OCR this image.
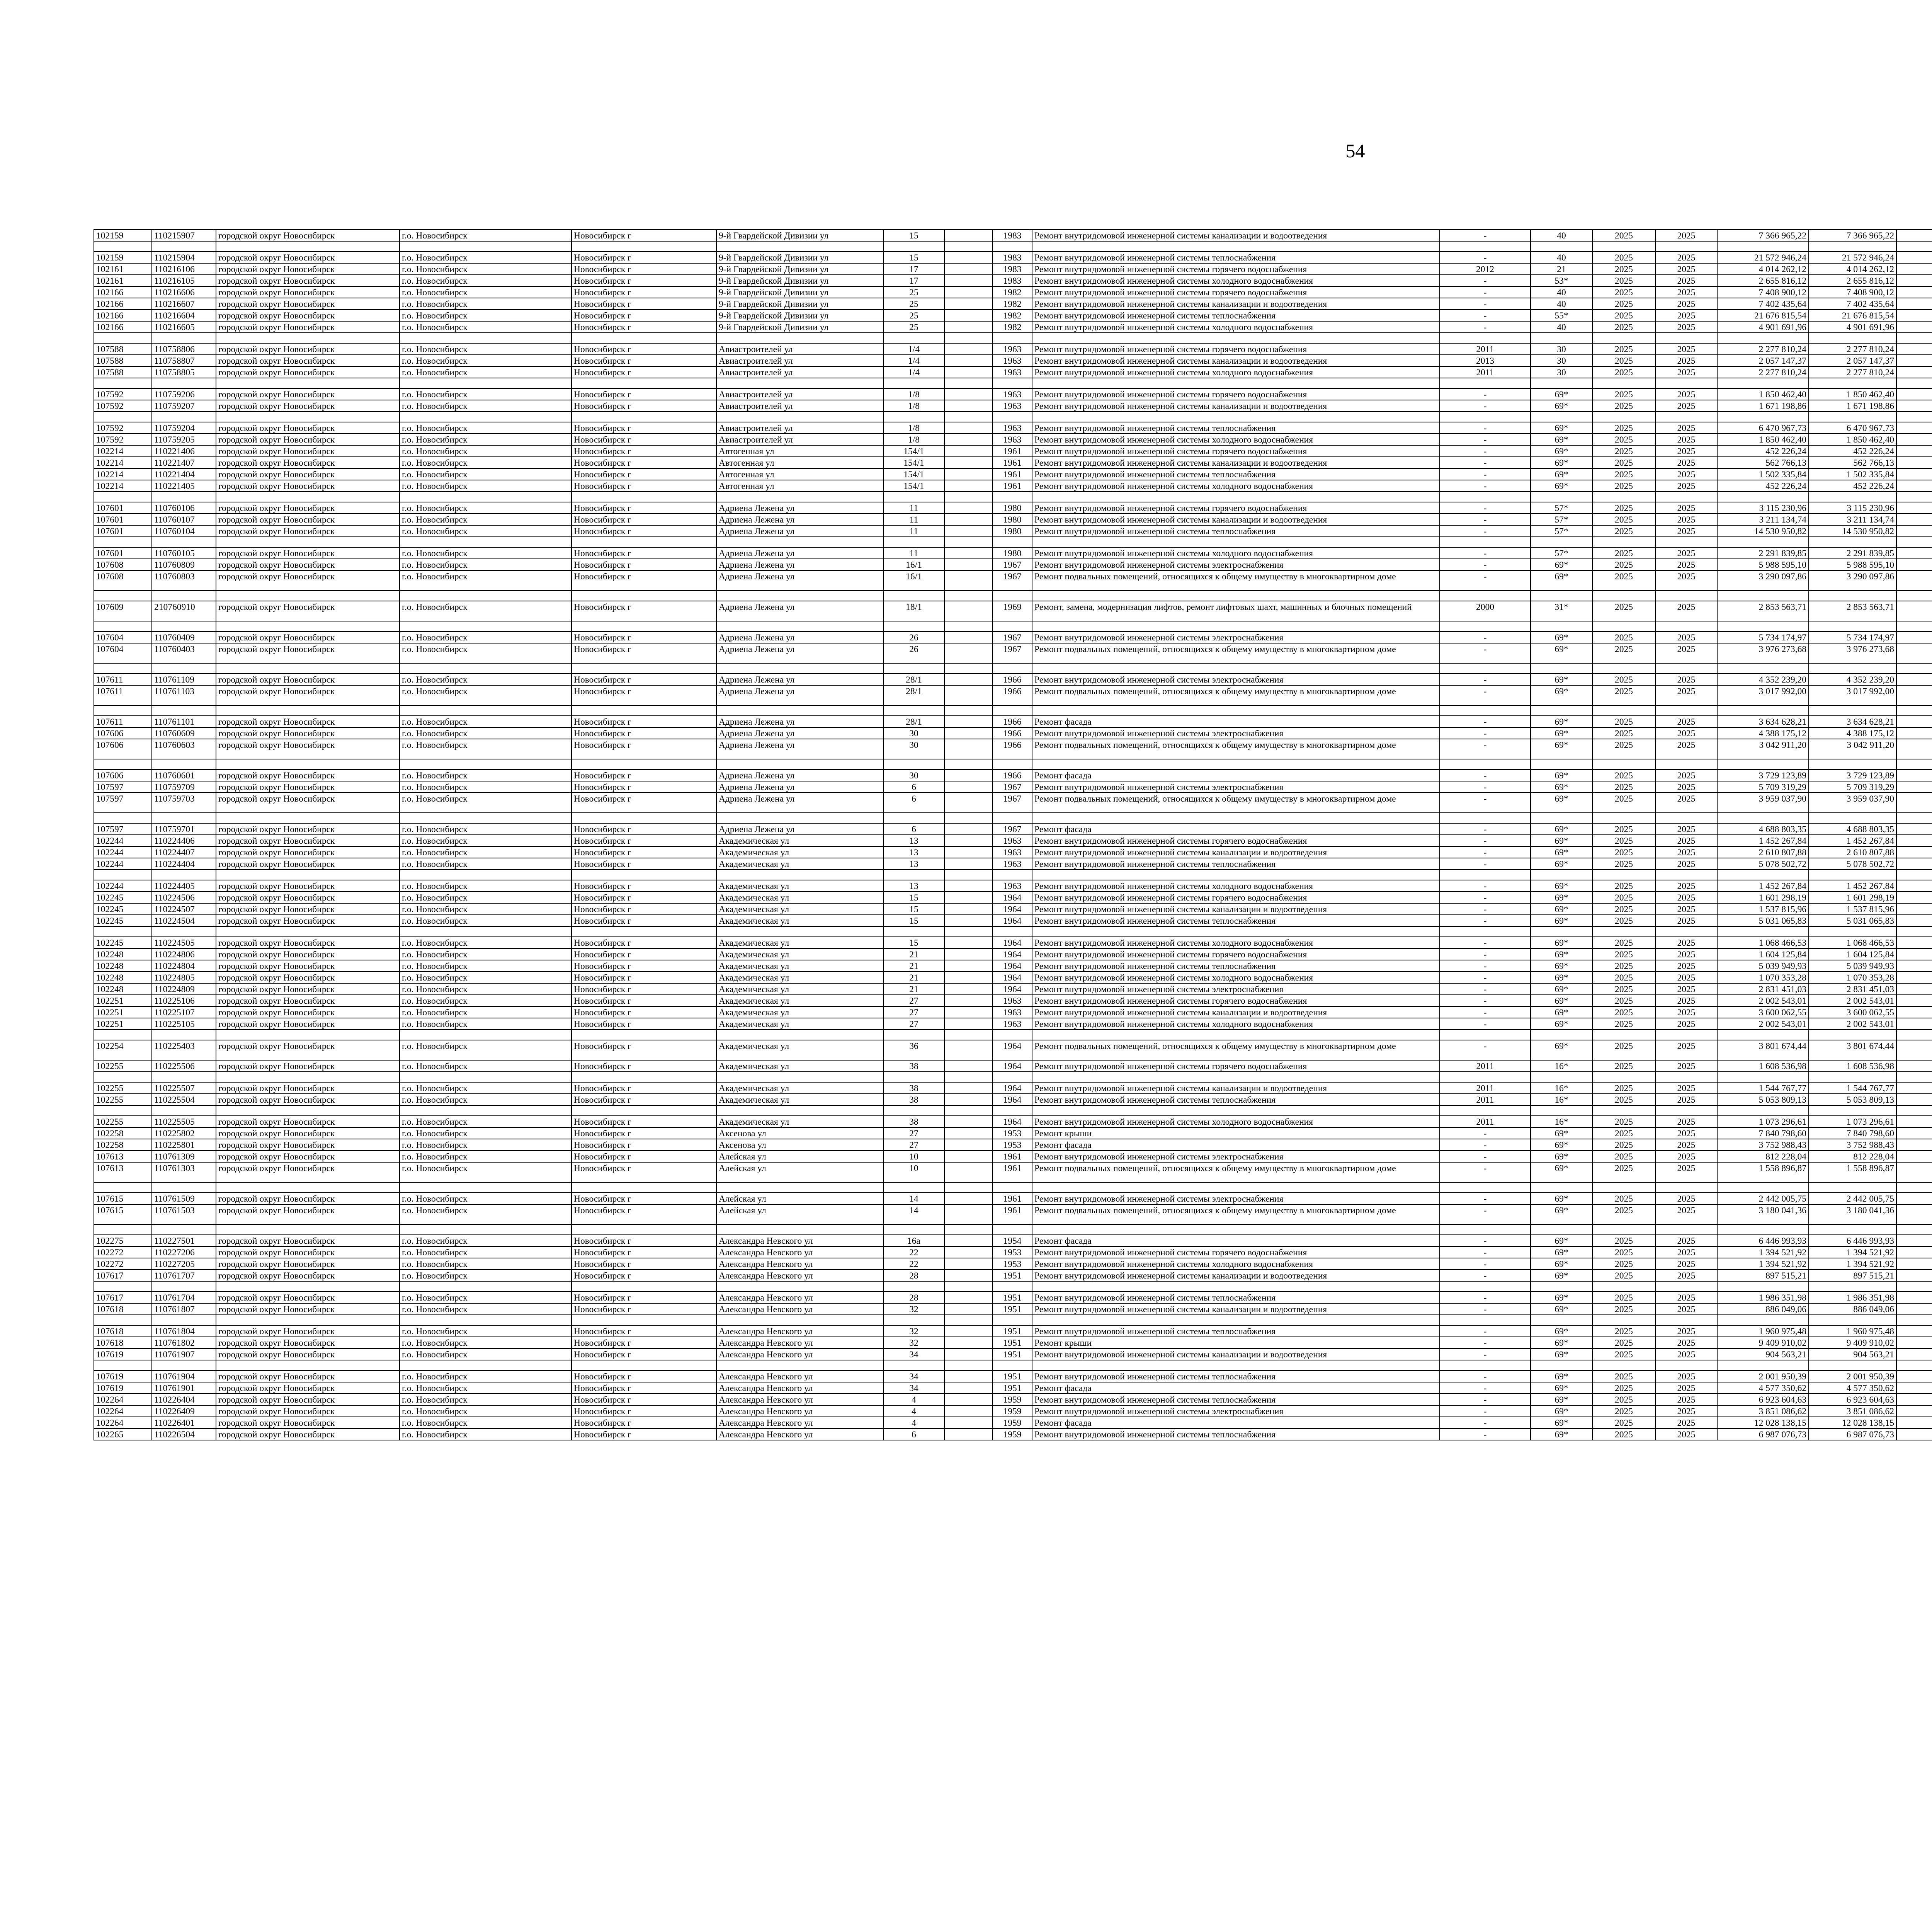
54
102159	110215907	городской округ Новосибирск	г.о. Новосибирск	Новосибирск г	9-й Гвардейской Дивизии ул	15		1983	Ремонт внутридомовой инженерной системы канализации и водоотведения	-	40	2025	2025	7 366 965,22	7 366 965,22						

102159	110215904	городской округ Новосибирск	г.о. Новосибирск	Новосибирск г	9-й Гвардейской Дивизии ул	15		1983	Ремонт внутридомовой инженерной системы теплоснабжения	-	40	2025	2025	21 572 946,24	21 572 946,24						
102161	110216106	городской округ Новосибирск	г.о. Новосибирск	Новосибирск г	9-й Гвардейской Дивизии ул	17		1983	Ремонт внутридомовой инженерной системы горячего водоснабжения	2012	21	2025	2025	4 014 262,12	4 014 262,12						
102161	110216105	городской округ Новосибирск	г.о. Новосибирск	Новосибирск г	9-й Гвардейской Дивизии ул	17		1983	Ремонт внутридомовой инженерной системы холодного водоснабжения	-	53*	2025	2025	2 655 816,12	2 655 816,12						
102166	110216606	городской округ Новосибирск	г.о. Новосибирск	Новосибирск г	9-й Гвардейской Дивизии ул	25		1982	Ремонт внутридомовой инженерной системы горячего водоснабжения	-	40	2025	2025	7 408 900,12	7 408 900,12						
102166	110216607	городской округ Новосибирск	г.о. Новосибирск	Новосибирск г	9-й Гвардейской Дивизии ул	25		1982	Ремонт внутридомовой инженерной системы канализации и водоотведения	-	40	2025	2025	7 402 435,64	7 402 435,64						
102166	110216604	городской округ Новосибирск	г.о. Новосибирск	Новосибирск г	9-й Гвардейской Дивизии ул	25		1982	Ремонт внутридомовой инженерной системы теплоснабжения	-	55*	2025	2025	21 676 815,54	21 676 815,54						
102166	110216605	городской округ Новосибирск	г.о. Новосибирск	Новосибирск г	9-й Гвардейской Дивизии ул	25		1982	Ремонт внутридомовой инженерной системы холодного водоснабжения	-	40	2025	2025	4 901 691,96	4 901 691,96						

107588	110758806	городской округ Новосибирск	г.о. Новосибирск	Новосибирск г	Авиастроителей ул	1/4		1963	Ремонт внутридомовой инженерной системы горячего водоснабжения	2011	30	2025	2025	2 277 810,24	2 277 810,24						
107588	110758807	городской округ Новосибирск	г.о. Новосибирск	Новосибирск г	Авиастроителей ул	1/4		1963	Ремонт внутридомовой инженерной системы канализации и водоотведения	2013	30	2025	2025	2 057 147,37	2 057 147,37						
107588	110758805	городской округ Новосибирск	г.о. Новосибирск	Новосибирск г	Авиастроителей ул	1/4		1963	Ремонт внутридомовой инженерной системы холодного водоснабжения	2011	30	2025	2025	2 277 810,24	2 277 810,24						

107592	110759206	городской округ Новосибирск	г.о. Новосибирск	Новосибирск г	Авиастроителей ул	1/8		1963	Ремонт внутридомовой инженерной системы горячего водоснабжения	-	69*	2025	2025	1 850 462,40	1 850 462,40						
107592	110759207	городской округ Новосибирск	г.о. Новосибирск	Новосибирск г	Авиастроителей ул	1/8		1963	Ремонт внутридомовой инженерной системы канализации и водоотведения	-	69*	2025	2025	1 671 198,86	1 671 198,86						

107592	110759204	городской округ Новосибирск	г.о. Новосибирск	Новосибирск г	Авиастроителей ул	1/8		1963	Ремонт внутридомовой инженерной системы теплоснабжения	-	69*	2025	2025	6 470 967,73	6 470 967,73						
107592	110759205	городской округ Новосибирск	г.о. Новосибирск	Новосибирск г	Авиастроителей ул	1/8		1963	Ремонт внутридомовой инженерной системы холодного водоснабжения	-	69*	2025	2025	1 850 462,40	1 850 462,40						
102214	110221406	городской округ Новосибирск	г.о. Новосибирск	Новосибирск г	Автогенная ул	154/1		1961	Ремонт внутридомовой инженерной системы горячего водоснабжения	-	69*	2025	2025	452 226,24	452 226,24						
102214	110221407	городской округ Новосибирск	г.о. Новосибирск	Новосибирск г	Автогенная ул	154/1		1961	Ремонт внутридомовой инженерной системы канализации и водоотведения	-	69*	2025	2025	562 766,13	562 766,13						
102214	110221404	городской округ Новосибирск	г.о. Новосибирск	Новосибирск г	Автогенная ул	154/1		1961	Ремонт внутридомовой инженерной системы теплоснабжения	-	69*	2025	2025	1 502 335,84	1 502 335,84						
102214	110221405	городской округ Новосибирск	г.о. Новосибирск	Новосибирск г	Автогенная ул	154/1		1961	Ремонт внутридомовой инженерной системы холодного водоснабжения	-	69*	2025	2025	452 226,24	452 226,24						

107601	110760106	городской округ Новосибирск	г.о. Новосибирск	Новосибирск г	Адриена Лежена ул	11		1980	Ремонт внутридомовой инженерной системы горячего водоснабжения	-	57*	2025	2025	3 115 230,96	3 115 230,96						
107601	110760107	городской округ Новосибирск	г.о. Новосибирск	Новосибирск г	Адриена Лежена ул	11		1980	Ремонт внутридомовой инженерной системы канализации и водоотведения	-	57*	2025	2025	3 211 134,74	3 211 134,74						
107601	110760104	городской округ Новосибирск	г.о. Новосибирск	Новосибирск г	Адриена Лежена ул	11		1980	Ремонт внутридомовой инженерной системы теплоснабжения	-	57*	2025	2025	14 530 950,82	14 530 950,82						

107601	110760105	городской округ Новосибирск	г.о. Новосибирск	Новосибирск г	Адриена Лежена ул	11		1980	Ремонт внутридомовой инженерной системы холодного водоснабжения	-	57*	2025	2025	2 291 839,85	2 291 839,85						
107608	110760809	городской округ Новосибирск	г.о. Новосибирск	Новосибирск г	Адриена Лежена ул	16/1		1967	Ремонт внутридомовой инженерной системы электроснабжения	-	69*	2025	2025	5 988 595,10	5 988 595,10						
107608	110760803	городской округ Новосибирск	г.о. Новосибирск	Новосибирск г	Адриена Лежена ул	16/1		1967	Ремонт подвальных помещений, относящихся к общему имуществу в многоквартирном доме	-	69*	2025	2025	3 290 097,86	3 290 097,86						

107609	210760910	городской округ Новосибирск	г.о. Новосибирск	Новосибирск г	Адриена Лежена ул	18/1		1969	Ремонт, замена, модернизация лифтов, ремонт лифтовых шахт, машинных и блочных помещений	2000	31*	2025	2025	2 853 563,71	2 853 563,71						

107604	110760409	городской округ Новосибирск	г.о. Новосибирск	Новосибирск г	Адриена Лежена ул	26		1967	Ремонт внутридомовой инженерной системы электроснабжения	-	69*	2025	2025	5 734 174,97	5 734 174,97						
107604	110760403	городской округ Новосибирск	г.о. Новосибирск	Новосибирск г	Адриена Лежена ул	26		1967	Ремонт подвальных помещений, относящихся к общему имуществу в многоквартирном доме	-	69*	2025	2025	3 976 273,68	3 976 273,68						

107611	110761109	городской округ Новосибирск	г.о. Новосибирск	Новосибирск г	Адриена Лежена ул	28/1		1966	Ремонт внутридомовой инженерной системы электроснабжения	-	69*	2025	2025	4 352 239,20	4 352 239,20						
107611	110761103	городской округ Новосибирск	г.о. Новосибирск	Новосибирск г	Адриена Лежена ул	28/1		1966	Ремонт подвальных помещений, относящихся к общему имуществу в многоквартирном доме	-	69*	2025	2025	3 017 992,00	3 017 992,00						

107611	110761101	городской округ Новосибирск	г.о. Новосибирск	Новосибирск г	Адриена Лежена ул	28/1		1966	Ремонт фасада	-	69*	2025	2025	3 634 628,21	3 634 628,21						
107606	110760609	городской округ Новосибирск	г.о. Новосибирск	Новосибирск г	Адриена Лежена ул	30		1966	Ремонт внутридомовой инженерной системы электроснабжения	-	69*	2025	2025	4 388 175,12	4 388 175,12						
107606	110760603	городской округ Новосибирск	г.о. Новосибирск	Новосибирск г	Адриена Лежена ул	30		1966	Ремонт подвальных помещений, относящихся к общему имуществу в многоквартирном доме	-	69*	2025	2025	3 042 911,20	3 042 911,20						

107606	110760601	городской округ Новосибирск	г.о. Новосибирск	Новосибирск г	Адриена Лежена ул	30		1966	Ремонт фасада	-	69*	2025	2025	3 729 123,89	3 729 123,89						
107597	110759709	городской округ Новосибирск	г.о. Новосибирск	Новосибирск г	Адриена Лежена ул	6		1967	Ремонт внутридомовой инженерной системы электроснабжения	-	69*	2025	2025	5 709 319,29	5 709 319,29						
107597	110759703	городской округ Новосибирск	г.о. Новосибирск	Новосибирск г	Адриена Лежена ул	6		1967	Ремонт подвальных помещений, относящихся к общему имуществу в многоквартирном доме	-	69*	2025	2025	3 959 037,90	3 959 037,90						

107597	110759701	городской округ Новосибирск	г.о. Новосибирск	Новосибирск г	Адриена Лежена ул	6		1967	Ремонт фасада	-	69*	2025	2025	4 688 803,35	4 688 803,35						
102244	110224406	городской округ Новосибирск	г.о. Новосибирск	Новосибирск г	Академическая ул	13		1963	Ремонт внутридомовой инженерной системы горячего водоснабжения	-	69*	2025	2025	1 452 267,84	1 452 267,84						
102244	110224407	городской округ Новосибирск	г.о. Новосибирск	Новосибирск г	Академическая ул	13		1963	Ремонт внутридомовой инженерной системы канализации и водоотведения	-	69*	2025	2025	2 610 807,88	2 610 807,88						
102244	110224404	городской округ Новосибирск	г.о. Новосибирск	Новосибирск г	Академическая ул	13		1963	Ремонт внутридомовой инженерной системы теплоснабжения	-	69*	2025	2025	5 078 502,72	5 078 502,72						

102244	110224405	городской округ Новосибирск	г.о. Новосибирск	Новосибирск г	Академическая ул	13		1963	Ремонт внутридомовой инженерной системы холодного водоснабжения	-	69*	2025	2025	1 452 267,84	1 452 267,84						
102245	110224506	городской округ Новосибирск	г.о. Новосибирск	Новосибирск г	Академическая ул	15		1964	Ремонт внутридомовой инженерной системы горячего водоснабжения	-	69*	2025	2025	1 601 298,19	1 601 298,19						
102245	110224507	городской округ Новосибирск	г.о. Новосибирск	Новосибирск г	Академическая ул	15		1964	Ремонт внутридомовой инженерной системы канализации и водоотведения	-	69*	2025	2025	1 537 815,96	1 537 815,96						
102245	110224504	городской округ Новосибирск	г.о. Новосибирск	Новосибирск г	Академическая ул	15		1964	Ремонт внутридомовой инженерной системы теплоснабжения	-	69*	2025	2025	5 031 065,83	5 031 065,83						

102245	110224505	городской округ Новосибирск	г.о. Новосибирск	Новосибирск г	Академическая ул	15		1964	Ремонт внутридомовой инженерной системы холодного водоснабжения	-	69*	2025	2025	1 068 466,53	1 068 466,53						
102248	110224806	городской округ Новосибирск	г.о. Новосибирск	Новосибирск г	Академическая ул	21		1964	Ремонт внутридомовой инженерной системы горячего водоснабжения	-	69*	2025	2025	1 604 125,84	1 604 125,84						
102248	110224804	городской округ Новосибирск	г.о. Новосибирск	Новосибирск г	Академическая ул	21		1964	Ремонт внутридомовой инженерной системы теплоснабжения	-	69*	2025	2025	5 039 949,93	5 039 949,93						
102248	110224805	городской округ Новосибирск	г.о. Новосибирск	Новосибирск г	Академическая ул	21		1964	Ремонт внутридомовой инженерной системы холодного водоснабжения	-	69*	2025	2025	1 070 353,28	1 070 353,28						
102248	110224809	городской округ Новосибирск	г.о. Новосибирск	Новосибирск г	Академическая ул	21		1964	Ремонт внутридомовой инженерной системы электроснабжения	-	69*	2025	2025	2 831 451,03	2 831 451,03						
102251	110225106	городской округ Новосибирск	г.о. Новосибирск	Новосибирск г	Академическая ул	27		1963	Ремонт внутридомовой инженерной системы горячего водоснабжения	-	69*	2025	2025	2 002 543,01	2 002 543,01						
102251	110225107	городской округ Новосибирск	г.о. Новосибирск	Новосибирск г	Академическая ул	27		1963	Ремонт внутридомовой инженерной системы канализации и водоотведения	-	69*	2025	2025	3 600 062,55	3 600 062,55						
102251	110225105	городской округ Новосибирск	г.о. Новосибирск	Новосибирск г	Академическая ул	27		1963	Ремонт внутридомовой инженерной системы холодного водоснабжения	-	69*	2025	2025	2 002 543,01	2 002 543,01						

102254	110225403	городской округ Новосибирск	г.о. Новосибирск	Новосибирск г	Академическая ул	36		1964	Ремонт подвальных помещений, относящихся к общему имуществу в многоквартирном доме	-	69*	2025	2025	3 801 674,44	3 801 674,44						
102255	110225506	городской округ Новосибирск	г.о. Новосибирск	Новосибирск г	Академическая ул	38		1964	Ремонт внутридомовой инженерной системы горячего водоснабжения	2011	16*	2025	2025	1 608 536,98	1 608 536,98						

102255	110225507	городской округ Новосибирск	г.о. Новосибирск	Новосибирск г	Академическая ул	38		1964	Ремонт внутридомовой инженерной системы канализации и водоотведения	2011	16*	2025	2025	1 544 767,77	1 544 767,77						
102255	110225504	городской округ Новосибирск	г.о. Новосибирск	Новосибирск г	Академическая ул	38		1964	Ремонт внутридомовой инженерной системы теплоснабжения	2011	16*	2025	2025	5 053 809,13	5 053 809,13						

102255	110225505	городской округ Новосибирск	г.о. Новосибирск	Новосибирск г	Академическая ул	38		1964	Ремонт внутридомовой инженерной системы холодного водоснабжения	2011	16*	2025	2025	1 073 296,61	1 073 296,61						
102258	110225802	городской округ Новосибирск	г.о. Новосибирск	Новосибирск г	Аксенова ул	27		1953	Ремонт крыши	-	69*	2025	2025	7 840 798,60	7 840 798,60						
102258	110225801	городской округ Новосибирск	г.о. Новосибирск	Новосибирск г	Аксенова ул	27		1953	Ремонт фасада	-	69*	2025	2025	3 752 988,43	3 752 988,43						
107613	110761309	городской округ Новосибирск	г.о. Новосибирск	Новосибирск г	Алейская ул	10		1961	Ремонт внутридомовой инженерной системы электроснабжения	-	69*	2025	2025	812 228,04	812 228,04						
107613	110761303	городской округ Новосибирск	г.о. Новосибирск	Новосибирск г	Алейская ул	10		1961	Ремонт подвальных помещений, относящихся к общему имуществу в многоквартирном доме	-	69*	2025	2025	1 558 896,87	1 558 896,87						

107615	110761509	городской округ Новосибирск	г.о. Новосибирск	Новосибирск г	Алейская ул	14		1961	Ремонт внутридомовой инженерной системы электроснабжения	-	69*	2025	2025	2 442 005,75	2 442 005,75						
107615	110761503	городской округ Новосибирск	г.о. Новосибирск	Новосибирск г	Алейская ул	14		1961	Ремонт подвальных помещений, относящихся к общему имуществу в многоквартирном доме	-	69*	2025	2025	3 180 041,36	3 180 041,36						

102275	110227501	городской округ Новосибирск	г.о. Новосибирск	Новосибирск г	Александра Невского ул	16а		1954	Ремонт фасада	-	69*	2025	2025	6 446 993,93	6 446 993,93						
102272	110227206	городской округ Новосибирск	г.о. Новосибирск	Новосибирск г	Александра Невского ул	22		1953	Ремонт внутридомовой инженерной системы горячего водоснабжения	-	69*	2025	2025	1 394 521,92	1 394 521,92						
102272	110227205	городской округ Новосибирск	г.о. Новосибирск	Новосибирск г	Александра Невского ул	22		1953	Ремонт внутридомовой инженерной системы холодного водоснабжения	-	69*	2025	2025	1 394 521,92	1 394 521,92						
107617	110761707	городской округ Новосибирск	г.о. Новосибирск	Новосибирск г	Александра Невского ул	28		1951	Ремонт внутридомовой инженерной системы канализации и водоотведения	-	69*	2025	2025	897 515,21	897 515,21						

107617	110761704	городской округ Новосибирск	г.о. Новосибирск	Новосибирск г	Александра Невского ул	28		1951	Ремонт внутридомовой инженерной системы теплоснабжения	-	69*	2025	2025	1 986 351,98	1 986 351,98						
107618	110761807	городской округ Новосибирск	г.о. Новосибирск	Новосибирск г	Александра Невского ул	32		1951	Ремонт внутридомовой инженерной системы канализации и водоотведения	-	69*	2025	2025	886 049,06	886 049,06						

107618	110761804	городской округ Новосибирск	г.о. Новосибирск	Новосибирск г	Александра Невского ул	32		1951	Ремонт внутридомовой инженерной системы теплоснабжения	-	69*	2025	2025	1 960 975,48	1 960 975,48						
107618	110761802	городской округ Новосибирск	г.о. Новосибирск	Новосибирск г	Александра Невского ул	32		1951	Ремонт крыши	-	69*	2025	2025	9 409 910,02	9 409 910,02						
107619	110761907	городской округ Новосибирск	г.о. Новосибирск	Новосибирск г	Александра Невского ул	34		1951	Ремонт внутридомовой инженерной системы канализации и водоотведения	-	69*	2025	2025	904 563,21	904 563,21						

107619	110761904	городской округ Новосибирск	г.о. Новосибирск	Новосибирск г	Александра Невского ул	34		1951	Ремонт внутридомовой инженерной системы теплоснабжения	-	69*	2025	2025	2 001 950,39	2 001 950,39						
107619	110761901	городской округ Новосибирск	г.о. Новосибирск	Новосибирск г	Александра Невского ул	34		1951	Ремонт фасада	-	69*	2025	2025	4 577 350,62	4 577 350,62						
102264	110226404	городской округ Новосибирск	г.о. Новосибирск	Новосибирск г	Александра Невского ул	4		1959	Ремонт внутридомовой инженерной системы теплоснабжения	-	69*	2025	2025	6 923 604,63	6 923 604,63						
102264	110226409	городской округ Новосибирск	г.о. Новосибирск	Новосибирск г	Александра Невского ул	4		1959	Ремонт внутридомовой инженерной системы электроснабжения	-	69*	2025	2025	3 851 086,62	3 851 086,62						
102264	110226401	городской округ Новосибирск	г.о. Новосибирск	Новосибирск г	Александра Невского ул	4		1959	Ремонт фасада	-	69*	2025	2025	12 028 138,15	12 028 138,15						
102265	110226504	городской округ Новосибирск	г.о. Новосибирск	Новосибирск г	Александра Невского ул	6		1959	Ремонт внутридомовой инженерной системы теплоснабжения	-	69*	2025	2025	6 987 076,73	6 987 076,73						
